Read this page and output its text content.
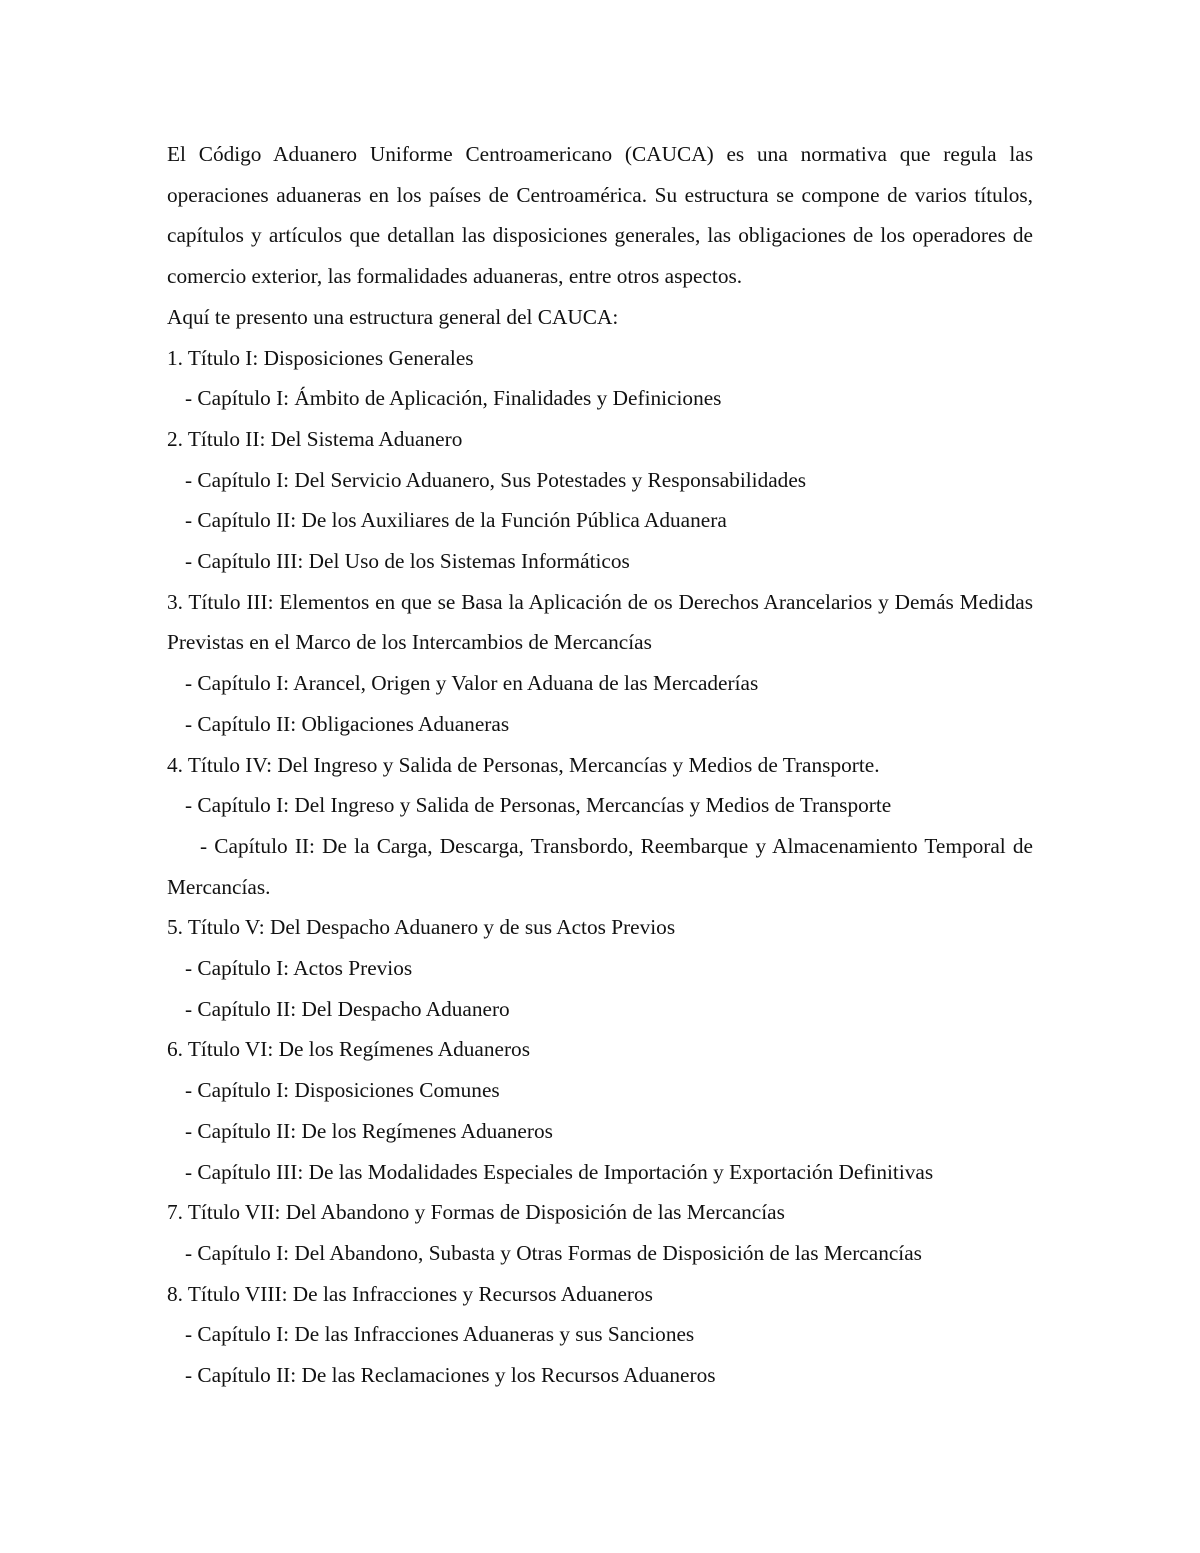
El Código Aduanero Uniforme Centroamericano (CAUCA) es una normativa que regula las operaciones aduaneras en los países de Centroamérica. Su estructura se compone de varios títulos, capítulos y artículos que detallan las disposiciones generales, las obligaciones de los operadores de comercio exterior, las formalidades aduaneras, entre otros aspectos.

Aquí te presento una estructura general del CAUCA:

1. Título I: Disposiciones Generales

- Capítulo I: Ámbito de Aplicación, Finalidades y Definiciones

2. Título II: Del Sistema Aduanero

- Capítulo I: Del Servicio Aduanero, Sus Potestades y Responsabilidades

- Capítulo II: De los Auxiliares de la Función Pública Aduanera

- Capítulo III: Del Uso de los Sistemas Informáticos

3. Título III: Elementos en que se Basa la Aplicación de os Derechos Arancelarios y Demás Medidas Previstas en el Marco de los Intercambios de Mercancías

- Capítulo I: Arancel, Origen y Valor en Aduana de las Mercaderías

- Capítulo II: Obligaciones Aduaneras

4. Título IV: Del Ingreso y Salida de Personas, Mercancías y Medios de Transporte.

- Capítulo I: Del Ingreso y Salida de Personas, Mercancías y Medios de Transporte

- Capítulo II: De la Carga, Descarga, Transbordo, Reembarque y Almacenamiento Temporal de Mercancías.

5. Título V: Del Despacho Aduanero y de sus Actos Previos

- Capítulo I: Actos Previos

- Capítulo II: Del Despacho Aduanero

6. Título VI: De los Regímenes Aduaneros

- Capítulo I: Disposiciones Comunes

- Capítulo II: De los Regímenes Aduaneros

- Capítulo III: De las Modalidades Especiales de Importación y Exportación Definitivas

7. Título VII: Del Abandono y Formas de Disposición de las Mercancías

- Capítulo I: Del Abandono, Subasta y Otras Formas de Disposición de las Mercancías

8. Título VIII: De las Infracciones y Recursos Aduaneros

- Capítulo I: De las Infracciones Aduaneras y sus Sanciones

- Capítulo II: De las Reclamaciones y los Recursos Aduaneros
